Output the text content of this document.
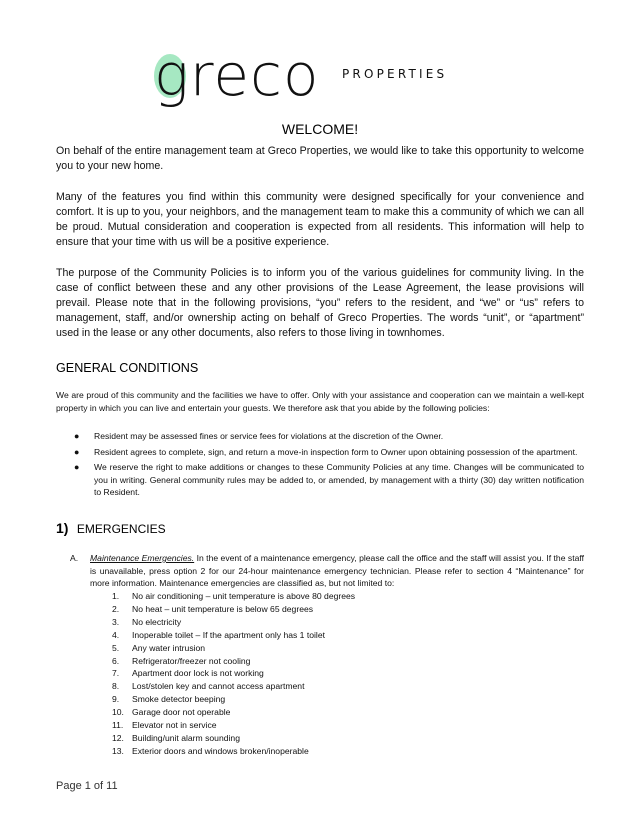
greco PROPERTIES
WELCOME!

On behalf of the entire management team at Greco Properties, we would like to take this opportunity to welcome you to your new home.

Many of the features you find within this community were designed specifically for your convenience and comfort. It is up to you, your neighbors, and the management team to make this a community of which we can all be proud. Mutual consideration and cooperation is expected from all residents. This information will help to ensure that your time with us will be a positive experience.

The purpose of the Community Policies is to inform you of the various guidelines for community living. In the case of conflict between these and any other provisions of the Lease Agreement, the lease provisions will prevail. Please note that in the following provisions, “you” refers to the resident, and “we” or “us” refers to management, staff, and/or ownership acting on behalf of Greco Properties. The words “unit”, or “apartment” used in the lease or any other documents, also refers to those living in townhomes.

GENERAL CONDITIONS

We are proud of this community and the facilities we have to offer. Only with your assistance and cooperation can we maintain a well-kept property in which you can live and entertain your guests. We therefore ask that you abide by the following policies:

● Resident may be assessed fines or service fees for violations at the discretion of the Owner.
● Resident agrees to complete, sign, and return a move-in inspection form to Owner upon obtaining possession of the apartment.
● We reserve the right to make additions or changes to these Community Policies at any time. Changes will be communicated to you in writing. General community rules may be added to, or amended, by management with a thirty (30) day written notification to Resident.
1) EMERGENCIES
A. Maintenance Emergencies. In the event of a maintenance emergency, please call the office and the staff will assist you. If the staff is unavailable, press option 2 for our 24-hour maintenance emergency technician. Please refer to section 4 “Maintenance” for more information. Maintenance emergencies are classified as, but not limited to:
1. No air conditioning – unit temperature is above 80 degrees
2. No heat – unit temperature is below 65 degrees
3. No electricity
4. Inoperable toilet – If the apartment only has 1 toilet
5. Any water intrusion
6. Refrigerator/freezer not cooling
7. Apartment door lock is not working
8. Lost/stolen key and cannot access apartment
9. Smoke detector beeping
10. Garage door not operable
11. Elevator not in service
12. Building/unit alarm sounding
13. Exterior doors and windows broken/inoperable
Page 1 of 11
